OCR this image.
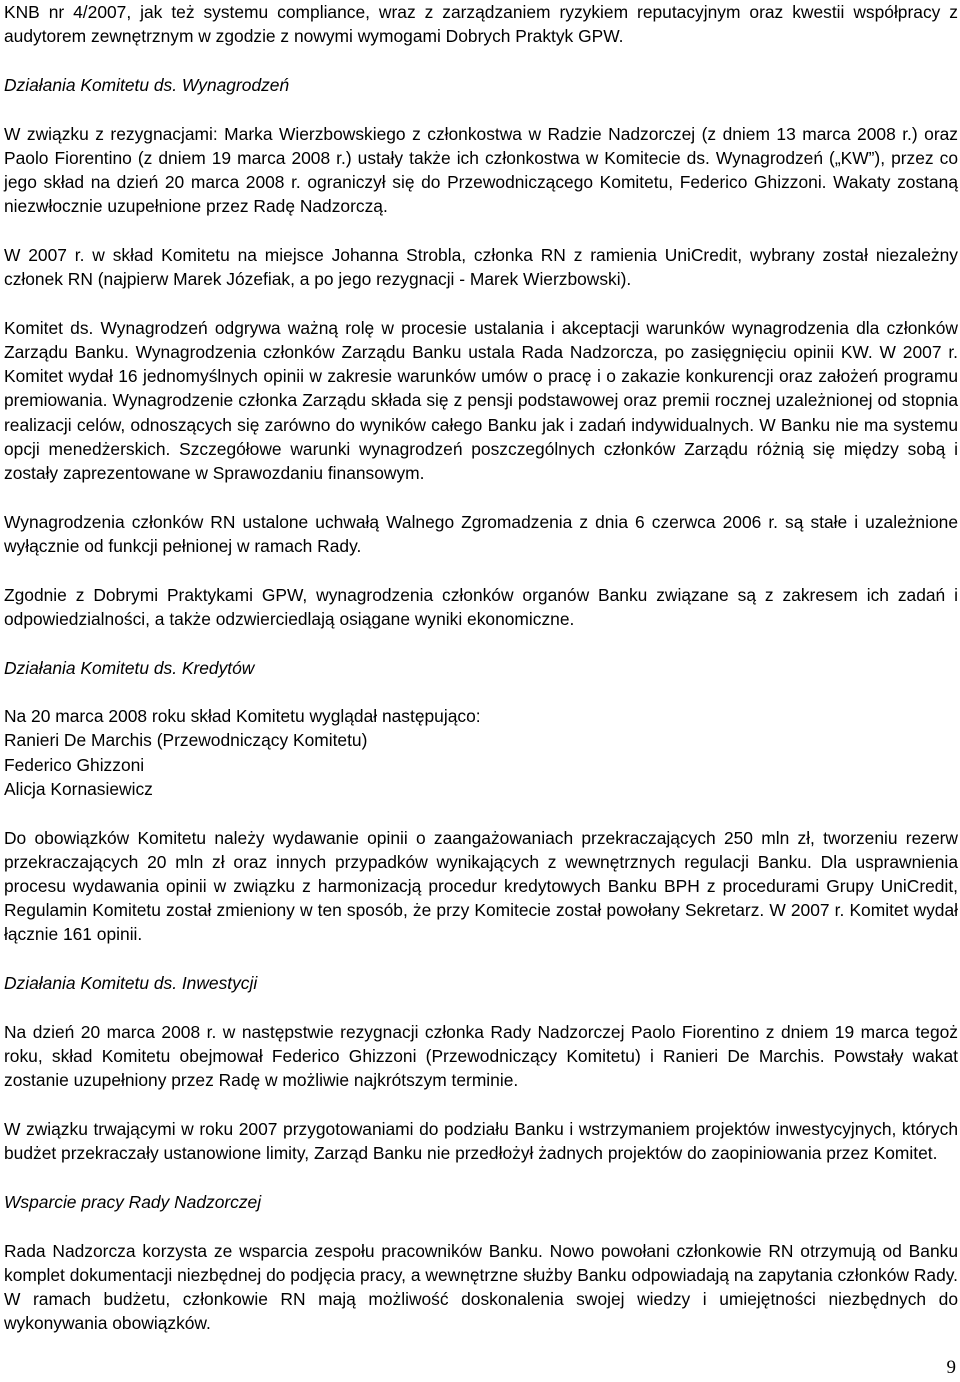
KNB nr 4/2007, jak też systemu compliance, wraz z zarządzaniem ryzykiem reputacyjnym oraz kwestii współpracy z audytorem zewnętrznym w zgodzie z nowymi wymogami Dobrych Praktyk GPW.

Działania Komitetu ds. Wynagrodzeń

W związku z rezygnacjami: Marka Wierzbowskiego z członkostwa w Radzie Nadzorczej (z dniem 13 marca 2008 r.) oraz Paolo Fiorentino (z dniem 19 marca 2008 r.) ustały także ich członkostwa w Komitecie ds. Wynagrodzeń („KW”), przez co jego skład na dzień 20 marca 2008 r. ograniczył się do Przewodniczącego Komitetu, Federico Ghizzoni. Wakaty zostaną niezwłocznie uzupełnione przez Radę Nadzorczą.

W 2007 r. w skład Komitetu na miejsce Johanna Strobla, członka RN z ramienia UniCredit, wybrany został niezależny członek RN (najpierw Marek Józefiak, a po jego rezygnacji - Marek Wierzbowski).

Komitet ds. Wynagrodzeń odgrywa ważną rolę w procesie ustalania i akceptacji warunków wynagrodzenia dla członków Zarządu Banku. Wynagrodzenia członków Zarządu Banku ustala Rada Nadzorcza, po zasięgnięciu opinii KW. W 2007 r. Komitet wydał 16 jednomyślnych opinii w zakresie warunków umów o pracę i o zakazie konkurencji oraz założeń programu premiowania. Wynagrodzenie członka Zarządu składa się z pensji podstawowej oraz premii rocznej uzależnionej od stopnia realizacji celów, odnoszących się zarówno do wyników całego Banku jak i zadań indywidualnych. W Banku nie ma systemu opcji menedżerskich. Szczegółowe warunki wynagrodzeń poszczególnych członków Zarządu różnią się między sobą i zostały zaprezentowane w Sprawozdaniu finansowym.

Wynagrodzenia członków RN ustalone uchwałą Walnego Zgromadzenia z dnia 6 czerwca 2006 r. są stałe i uzależnione wyłącznie od funkcji pełnionej w ramach Rady.

Zgodnie z Dobrymi Praktykami GPW, wynagrodzenia członków organów Banku związane są z zakresem ich zadań i odpowiedzialności, a także odzwierciedlają osiągane wyniki ekonomiczne.

Działania Komitetu ds. Kredytów

Na 20 marca 2008 roku skład Komitetu wyglądał następująco:

Ranieri De Marchis (Przewodniczący Komitetu)

Federico Ghizzoni

Alicja Kornasiewicz

Do obowiązków Komitetu należy wydawanie opinii o zaangażowaniach przekraczających 250 mln zł, tworzeniu rezerw przekraczających 20 mln zł oraz innych przypadków wynikających z wewnętrznych regulacji Banku. Dla usprawnienia procesu wydawania opinii w związku z harmonizacją procedur kredytowych Banku BPH z procedurami Grupy UniCredit, Regulamin Komitetu został zmieniony w ten sposób, że przy Komitecie został powołany Sekretarz. W 2007 r. Komitet wydał łącznie 161 opinii.

Działania Komitetu ds. Inwestycji

Na dzień 20 marca 2008 r. w następstwie rezygnacji członka Rady Nadzorczej Paolo Fiorentino z dniem 19 marca tegoż roku, skład Komitetu obejmował Federico Ghizzoni (Przewodniczący Komitetu) i Ranieri De Marchis. Powstały wakat zostanie uzupełniony przez Radę w możliwie najkrótszym terminie.

W związku trwającymi w roku 2007 przygotowaniami do podziału Banku i wstrzymaniem projektów inwestycyjnych, których budżet przekraczały ustanowione limity, Zarząd Banku nie przedłożył żadnych projektów do zaopiniowania przez Komitet.

Wsparcie pracy Rady Nadzorczej

Rada Nadzorcza korzysta ze wsparcia zespołu pracowników Banku. Nowo powołani członkowie RN otrzymują od Banku komplet dokumentacji niezbędnej do podjęcia pracy, a wewnętrzne służby Banku odpowiadają na zapytania członków Rady. W ramach budżetu, członkowie RN mają możliwość doskonalenia swojej wiedzy i umiejętności niezbędnych do wykonywania obowiązków.

9
